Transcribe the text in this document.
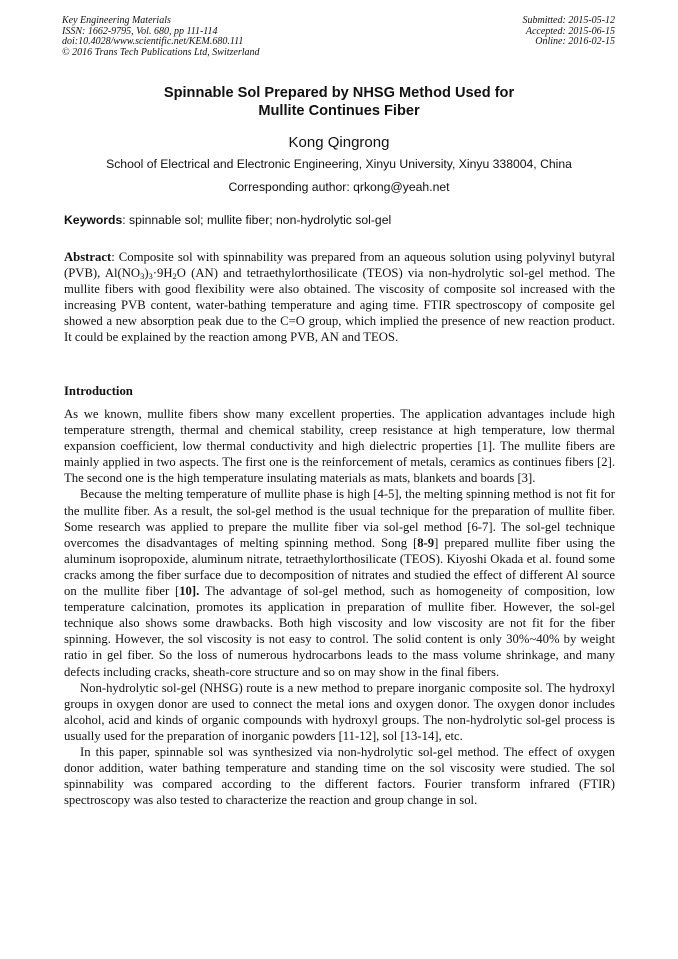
Key Engineering Materials
ISSN: 1662-9795, Vol. 680, pp 111-114
doi:10.4028/www.scientific.net/KEM.680.111
© 2016 Trans Tech Publications Ltd, Switzerland
Submitted: 2015-05-12
Accepted: 2015-06-15
Online: 2016-02-15
Spinnable Sol Prepared by NHSG Method Used for
Mullite Continues Fiber
Kong Qingrong
School of Electrical and Electronic Engineering, Xinyu University, Xinyu 338004, China
Corresponding author: qrkong@yeah.net
Keywords: spinnable sol; mullite fiber; non-hydrolytic sol-gel
Abstract: Composite sol with spinnability was prepared from an aqueous solution using polyvinyl butyral (PVB), $Al(NO_3)_3\cdot 9H_2O$ (AN) and tetraethylorthosilicate (TEOS) via non-hydrolytic sol-gel method. The mullite fibers with good flexibility were also obtained. The viscosity of composite sol increased with the increasing PVB content, water-bathing temperature and aging time. FTIR spectroscopy of composite gel showed a new absorption peak due to the C=O group, which implied the presence of new reaction product. It could be explained by the reaction among PVB, AN and TEOS.
Introduction

As we known, mullite fibers show many excellent properties. The application advantages include high temperature strength, thermal and chemical stability, creep resistance at high temperature, low thermal expansion coefficient, low thermal conductivity and high dielectric properties [1]. The mullite fibers are mainly applied in two aspects. The first one is the reinforcement of metals, ceramics as continues fibers [2]. The second one is the high temperature insulating materials as mats, blankets and boards [3].

Because the melting temperature of mullite phase is high [4-5], the melting spinning method is not fit for the mullite fiber. As a result, the sol-gel method is the usual technique for the preparation of mullite fiber. Some research was applied to prepare the mullite fiber via sol-gel method [6-7]. The sol-gel technique overcomes the disadvantages of melting spinning method. Song [8-9] prepared mullite fiber using the aluminum isopropoxide, aluminum nitrate, tetraethylorthosilicate (TEOS). Kiyoshi Okada et al. found some cracks among the fiber surface due to decomposition of nitrates and studied the effect of different Al source on the mullite fiber [10]. The advantage of sol-gel method, such as homogeneity of composition, low temperature calcination, promotes its application in preparation of mullite fiber. However, the sol-gel technique also shows some drawbacks. Both high viscosity and low viscosity are not fit for the fiber spinning. However, the sol viscosity is not easy to control. The solid content is only 30%~40% by weight ratio in gel fiber. So the loss of numerous hydrocarbons leads to the mass volume shrinkage, and many defects including cracks, sheath-core structure and so on may show in the final fibers.

Non-hydrolytic sol-gel (NHSG) route is a new method to prepare inorganic composite sol. The hydroxyl groups in oxygen donor are used to connect the metal ions and oxygen donor. The oxygen donor includes alcohol, acid and kinds of organic compounds with hydroxyl groups. The non-hydrolytic sol-gel process is usually used for the preparation of inorganic powders [11-12], sol [13-14], etc.

In this paper, spinnable sol was synthesized via non-hydrolytic sol-gel method. The effect of oxygen donor addition, water bathing temperature and standing time on the sol viscosity were studied. The sol spinnability was compared according to the different factors. Fourier transform infrared (FTIR) spectroscopy was also tested to characterize the reaction and group change in sol.
